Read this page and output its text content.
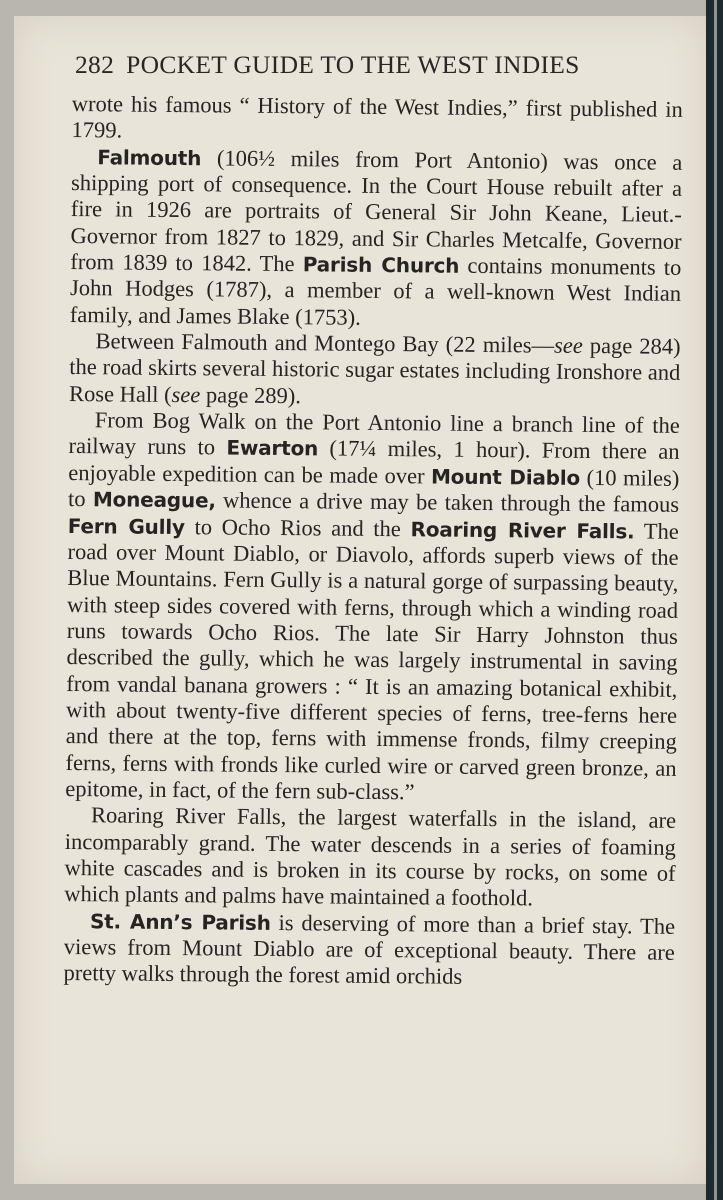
282 POCKET GUIDE TO THE WEST INDIES

wrote his famous “ History of the West Indies,” first published in 1799.

Falmouth (106½ miles from Port Antonio) was once a shipping port of consequence. In the Court House rebuilt after a fire in 1926 are portraits of General Sir John Keane, Lieut.-Governor from 1827 to 1829, and Sir Charles Metcalfe, Governor from 1839 to 1842. The Parish Church contains monuments to John Hodges (1787), a member of a well-known West Indian family, and James Blake (1753).

Between Falmouth and Montego Bay (22 miles—see page 284) the road skirts several historic sugar estates including Ironshore and Rose Hall (see page 289).

From Bog Walk on the Port Antonio line a branch line of the railway runs to Ewarton (17¼ miles, 1 hour). From there an enjoyable expedition can be made over Mount Diablo (10 miles) to Moneague, whence a drive may be taken through the famous Fern Gully to Ocho Rios and the Roaring River Falls. The road over Mount Diablo, or Diavolo, affords superb views of the Blue Mountains. Fern Gully is a natural gorge of surpassing beauty, with steep sides covered with ferns, through which a winding road runs towards Ocho Rios. The late Sir Harry Johnston thus described the gully, which he was largely instrumental in saving from vandal banana growers : “ It is an amazing botanical exhibit, with about twenty-five different species of ferns, tree-ferns here and there at the top, ferns with immense fronds, filmy creeping ferns, ferns with fronds like curled wire or carved green bronze, an epitome, in fact, of the fern sub-class.”

Roaring River Falls, the largest waterfalls in the island, are incomparably grand. The water descends in a series of foaming white cascades and is broken in its course by rocks, on some of which plants and palms have maintained a foothold.

St. Ann’s Parish is deserving of more than a brief stay. The views from Mount Diablo are of exceptional beauty. There are pretty walks through the forest amid orchids
